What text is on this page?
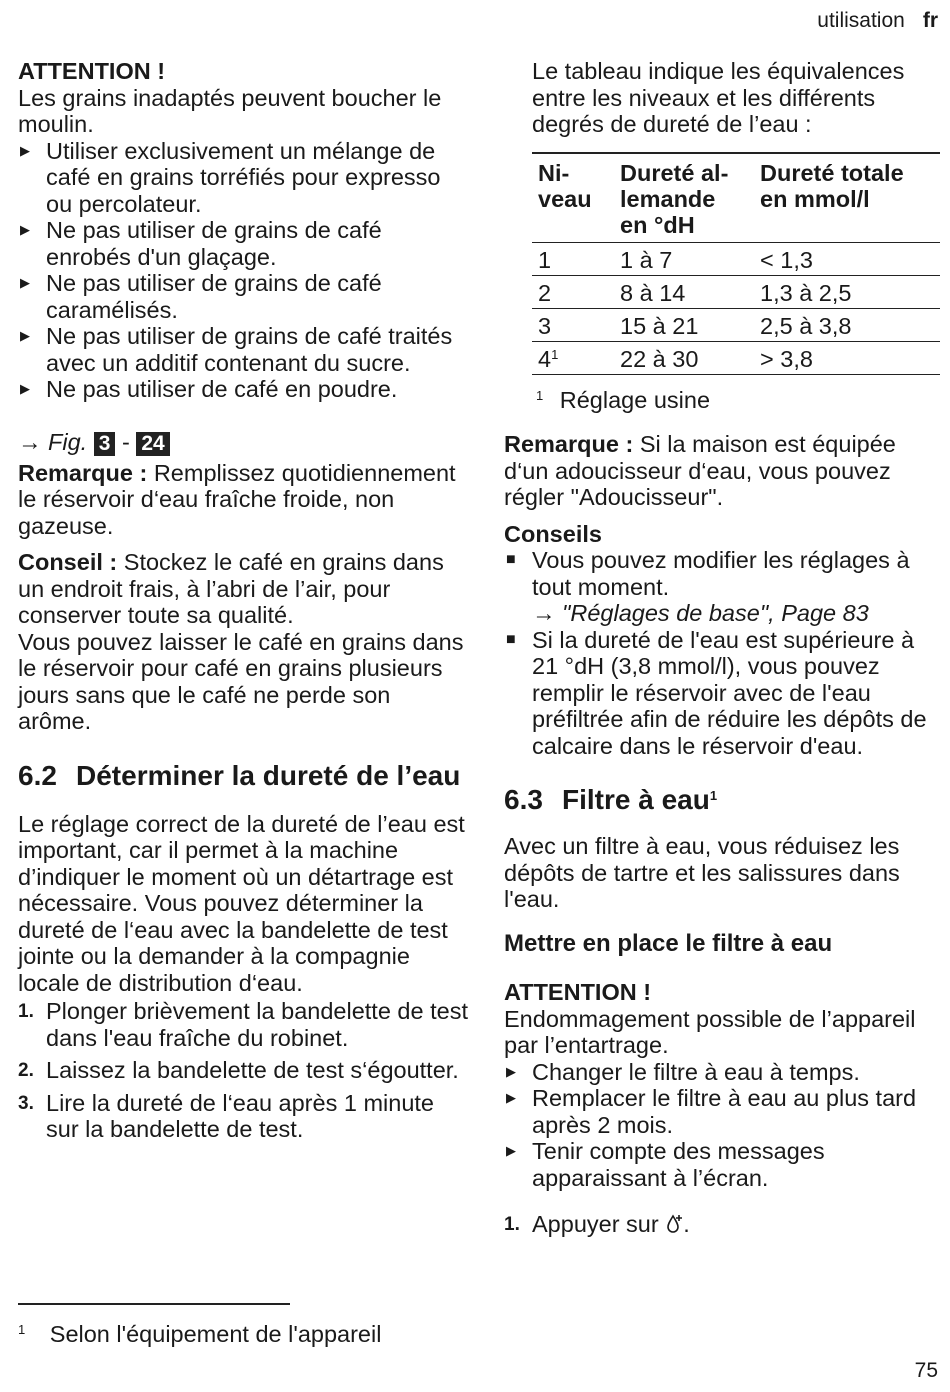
utilisation fr
ATTENTION !
Les grains inadaptés peuvent boucher le moulin.
▶ Utiliser exclusivement un mélange de café en grains torréfiés pour expresso ou percolateur.
▶ Ne pas utiliser de grains de café enrobés d'un glaçage.
▶ Ne pas utiliser de grains de café caramélisés.
▶ Ne pas utiliser de grains de café traités avec un additif contenant du sucre.
▶ Ne pas utiliser de café en poudre.
→ Fig. 3 - 24
Remarque : Remplissez quotidiennement le réservoir d‘eau fraîche froide, non gazeuse.
Conseil : Stockez le café en grains dans un endroit frais, à l’abri de l’air, pour conserver toute sa qualité.
Vous pouvez laisser le café en grains dans le réservoir pour café en grains plusieurs jours sans que le café ne perde son arôme.
6.2 Déterminer la dureté de l’eau
Le réglage correct de la dureté de l’eau est important, car il permet à la machine d’indiquer le moment où un détartrage est nécessaire. Vous pouvez déterminer la dureté de l‘eau avec la bandelette de test jointe ou la demander à la compagnie locale de distribution d‘eau.
1. Plonger brièvement la bandelette de test dans l'eau fraîche du robinet.
2. Laissez la bandelette de test s‘égoutter.
3. Lire la dureté de l‘eau après 1 minute sur la bandelette de test.
$^1$ Selon l'équipement de l'appareil
Le tableau indique les équivalences entre les niveaux et les différents degrés de dureté de l’eau :
Ni-
veau	Dureté al-
lemande
en °dH	Dureté totale
en mmol/l
1	1 à 7	< 1,3
2	8 à 14	1,3 à 2,5
3	15 à 21	2,5 à 3,8
$4^1$	22 à 30	> 3,8
$^1$ Réglage usine
Remarque : Si la maison est équipée d‘un adoucisseur d‘eau, vous pouvez régler "Adoucisseur".
Conseils
■ Vous pouvez modifier les réglages à tout moment.
→ "Réglages de base", Page 83
■ Si la dureté de l'eau est supérieure à 21 °dH (3,8 mmol/l), vous pouvez remplir le réservoir avec de l'eau préfiltrée afin de réduire les dépôts de calcaire dans le réservoir d'eau.
6.3 Filtre à eau$^1$
Avec un filtre à eau, vous réduisez les dépôts de tartre et les salissures dans l'eau.
Mettre en place le filtre à eau
ATTENTION !
Endommagement possible de l’appareil par l’entartrage.
▶ Changer le filtre à eau à temps.
▶ Remplacer le filtre à eau au plus tard après 2 mois.
▶ Tenir compte des messages apparaissant à l’écran.
1. Appuyer sur .
75
